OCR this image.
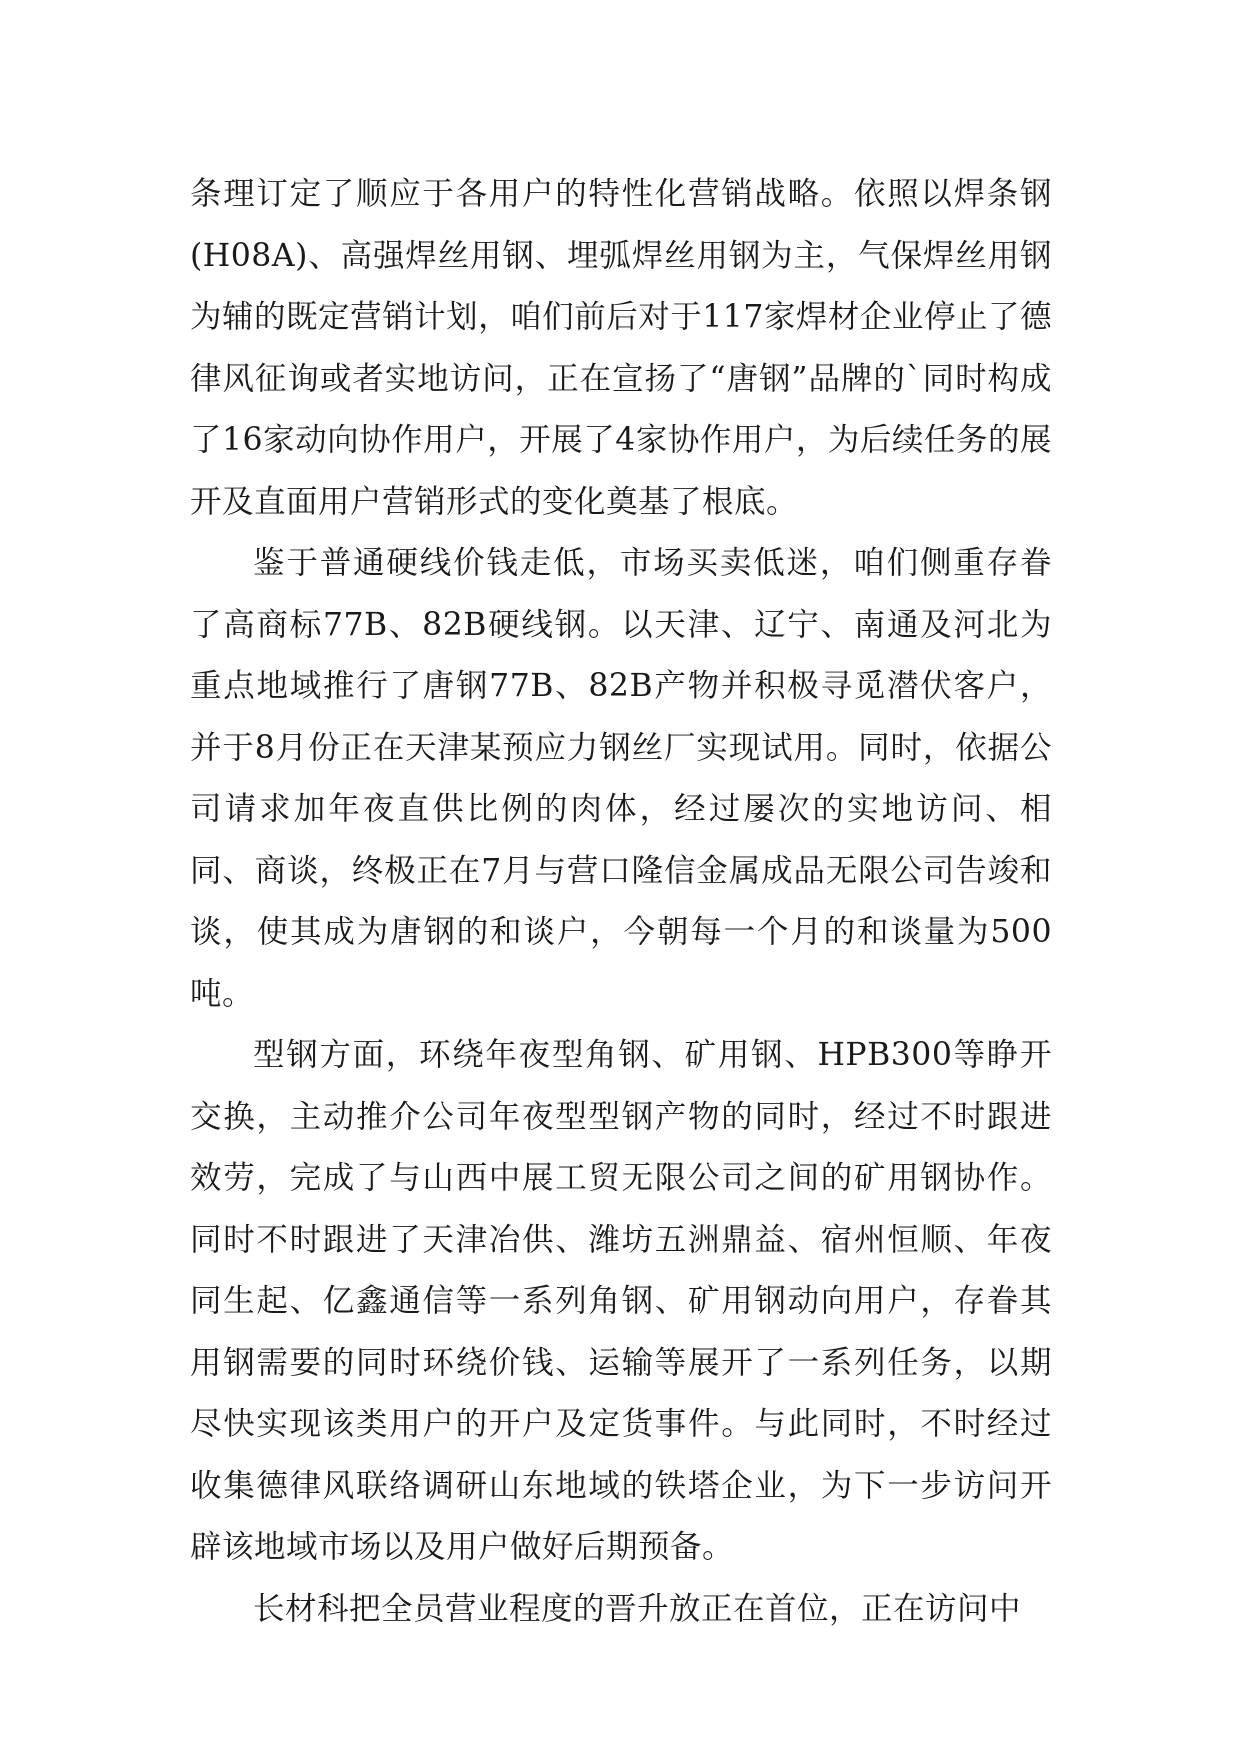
条理订定了顺应于各用户的特性化营销战略。依照以焊条钢(H08A)、高强焊丝用钢、埋弧焊丝用钢为主，气保焊丝用钢为辅的既定营销计划，咱们前后对于117家焊材企业停止了德律风征询或者实地访问，正在宣扬了“唐钢”品牌的`同时构成了16家动向协作用户，开展了4家协作用户，为后续任务的展开及直面用户营销形式的变化奠基了根底。

鉴于普通硬线价钱走低，市场买卖低迷，咱们侧重存眷了高商标77B、82B硬线钢。以天津、辽宁、南通及河北为重点地域推行了唐钢77B、82B产物并积极寻觅潜伏客户，并于8月份正在天津某预应力钢丝厂实现试用。同时，依据公司请求加年夜直供比例的肉体，经过屡次的实地访问、相同、商谈，终极正在7月与营口隆信金属成品无限公司告竣和谈，使其成为唐钢的和谈户，今朝每一个月的和谈量为500吨。

型钢方面，环绕年夜型角钢、矿用钢、HPB300等睁开交换，主动推介公司年夜型型钢产物的同时，经过不时跟进效劳，完成了与山西中展工贸无限公司之间的矿用钢协作。同时不时跟进了天津冶供、潍坊五洲鼎益、宿州恒顺、年夜同生起、亿鑫通信等一系列角钢、矿用钢动向用户，存眷其用钢需要的同时环绕价钱、运输等展开了一系列任务，以期尽快实现该类用户的开户及定货事件。与此同时，不时经过收集德律风联络调研山东地域的铁塔企业，为下一步访问开辟该地域市场以及用户做好后期预备。

长材科把全员营业程度的晋升放正在首位，正在访问中
